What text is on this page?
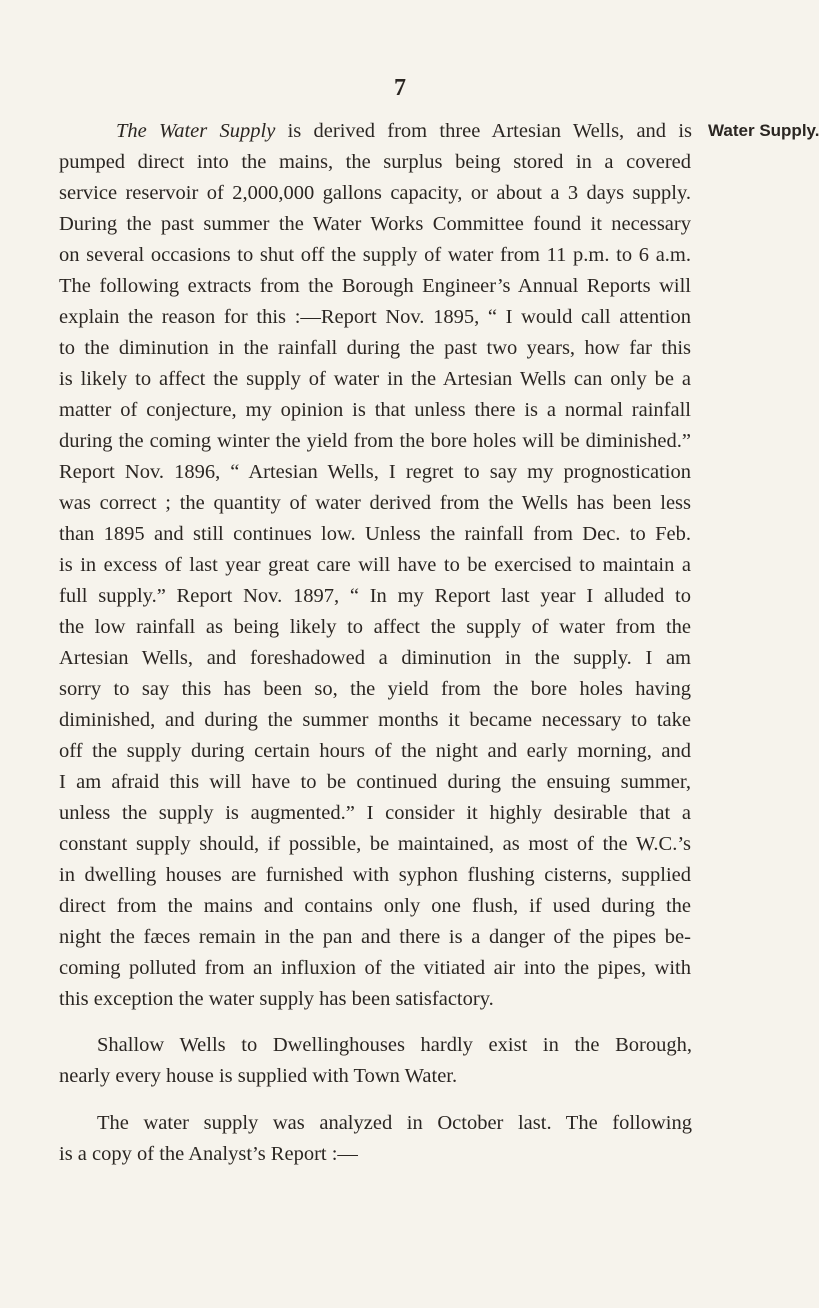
7
Water Supply.
The Water Supply is derived from three Artesian Wells, and is
pumped direct into the mains, the surplus being stored in a covered
service reservoir of 2,000,000 gallons capacity, or about a 3 days supply.
During the past summer the Water Works Committee found it necessary
on several occasions to shut off the supply of water from 11 p.m. to 6 a.m.
The following extracts from the Borough Engineer’s Annual Reports will
explain the reason for this :—Report Nov. 1895, “ I would call attention
to the diminution in the rainfall during the past two years, how far this
is likely to affect the supply of water in the Artesian Wells can only be a
matter of conjecture, my opinion is that unless there is a normal rainfall
during the coming winter the yield from the bore holes will be diminished.”
Report Nov. 1896, “ Artesian Wells, I regret to say my prognostication
was correct ; the quantity of water derived from the Wells has been less
than 1895 and still continues low. Unless the rainfall from Dec. to Feb.
is in excess of last year great care will have to be exercised to maintain a
full supply.” Report Nov. 1897, “ In my Report last year I alluded to
the low rainfall as being likely to affect the supply of water from the
Artesian Wells, and foreshadowed a diminution in the supply. I am
sorry to say this has been so, the yield from the bore holes having
diminished, and during the summer months it became necessary to take
off the supply during certain hours of the night and early morning, and
I am afraid this will have to be continued during the ensuing summer,
unless the supply is augmented.” I consider it highly desirable that a
constant supply should, if possible, be maintained, as most of the W.C.’s
in dwelling houses are furnished with syphon flushing cisterns, supplied
direct from the mains and contains only one flush, if used during the
night the fæces remain in the pan and there is a danger of the pipes be-
coming polluted from an influxion of the vitiated air into the pipes, with
this exception the water supply has been satisfactory.
Shallow Wells to Dwellinghouses hardly exist in the Borough,
nearly every house is supplied with Town Water.
The water supply was analyzed in October last. The following
is a copy of the Analyst’s Report :—
